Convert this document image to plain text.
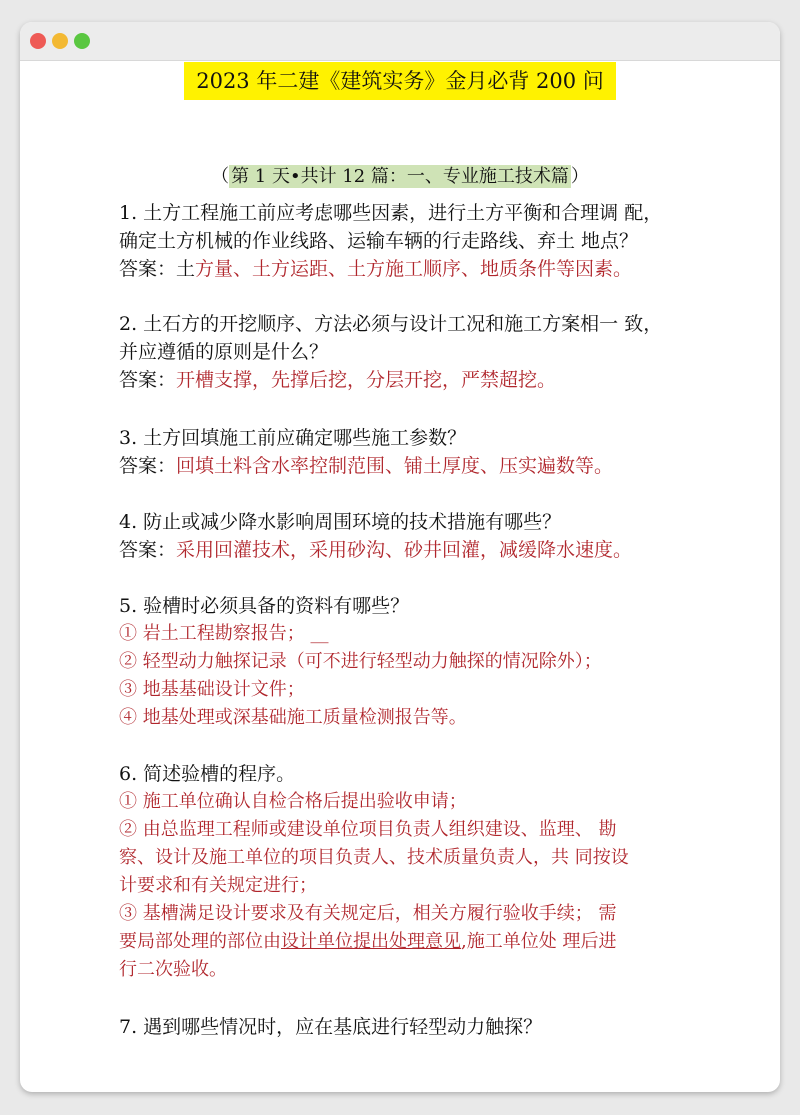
2023 年二建《建筑实务》金月必背 200 问
（ 第 1 天•共计 12 篇：一、专业施工技术篇 ）

1. 土方工程施工前应考虑哪些因素，进行土方平衡和合理调 配，

确定土方机械的作业线路、运输车辆的行走路线、弃土 地点？

答案：土方量、土方运距、土方施工顺序、地质条件等因素。

2. 土石方的开挖顺序、方法必须与设计工况和施工方案相一 致，

并应遵循的原则是什么？

答案：开槽支撑，先撑后挖，分层开挖，严禁超挖。

3. 土方回填施工前应确定哪些施工参数？

答案：回填土料含水率控制范围、铺土厚度、压实遍数等。

4. 防止或减少降水影响周围环境的技术措施有哪些？

答案：采用回灌技术，采用砂沟、砂井回灌，减缓降水速度。

5. 验槽时必须具备的资料有哪些？

① 岩土工程勘察报告； __

② 轻型动力触探记录（可不进行轻型动力触探的情况除外）；

③ 地基基础设计文件；

④ 地基处理或深基础施工质量检测报告等。

6. 简述验槽的程序。

① 施工单位确认自检合格后提出验收申请；

② 由总监理工程师或建设单位项目负责人组织建设、监理、 勘

察、设计及施工单位的项目负责人、技术质量负责人，共 同按设

计要求和有关规定进行；

③ 基槽满足设计要求及有关规定后，相关方履行验收手续； 需

要局部处理的部位由设计单位提出处理意见,施工单位处 理后进

行二次验收。

7. 遇到哪些情况时，应在基底进行轻型动力触探？
